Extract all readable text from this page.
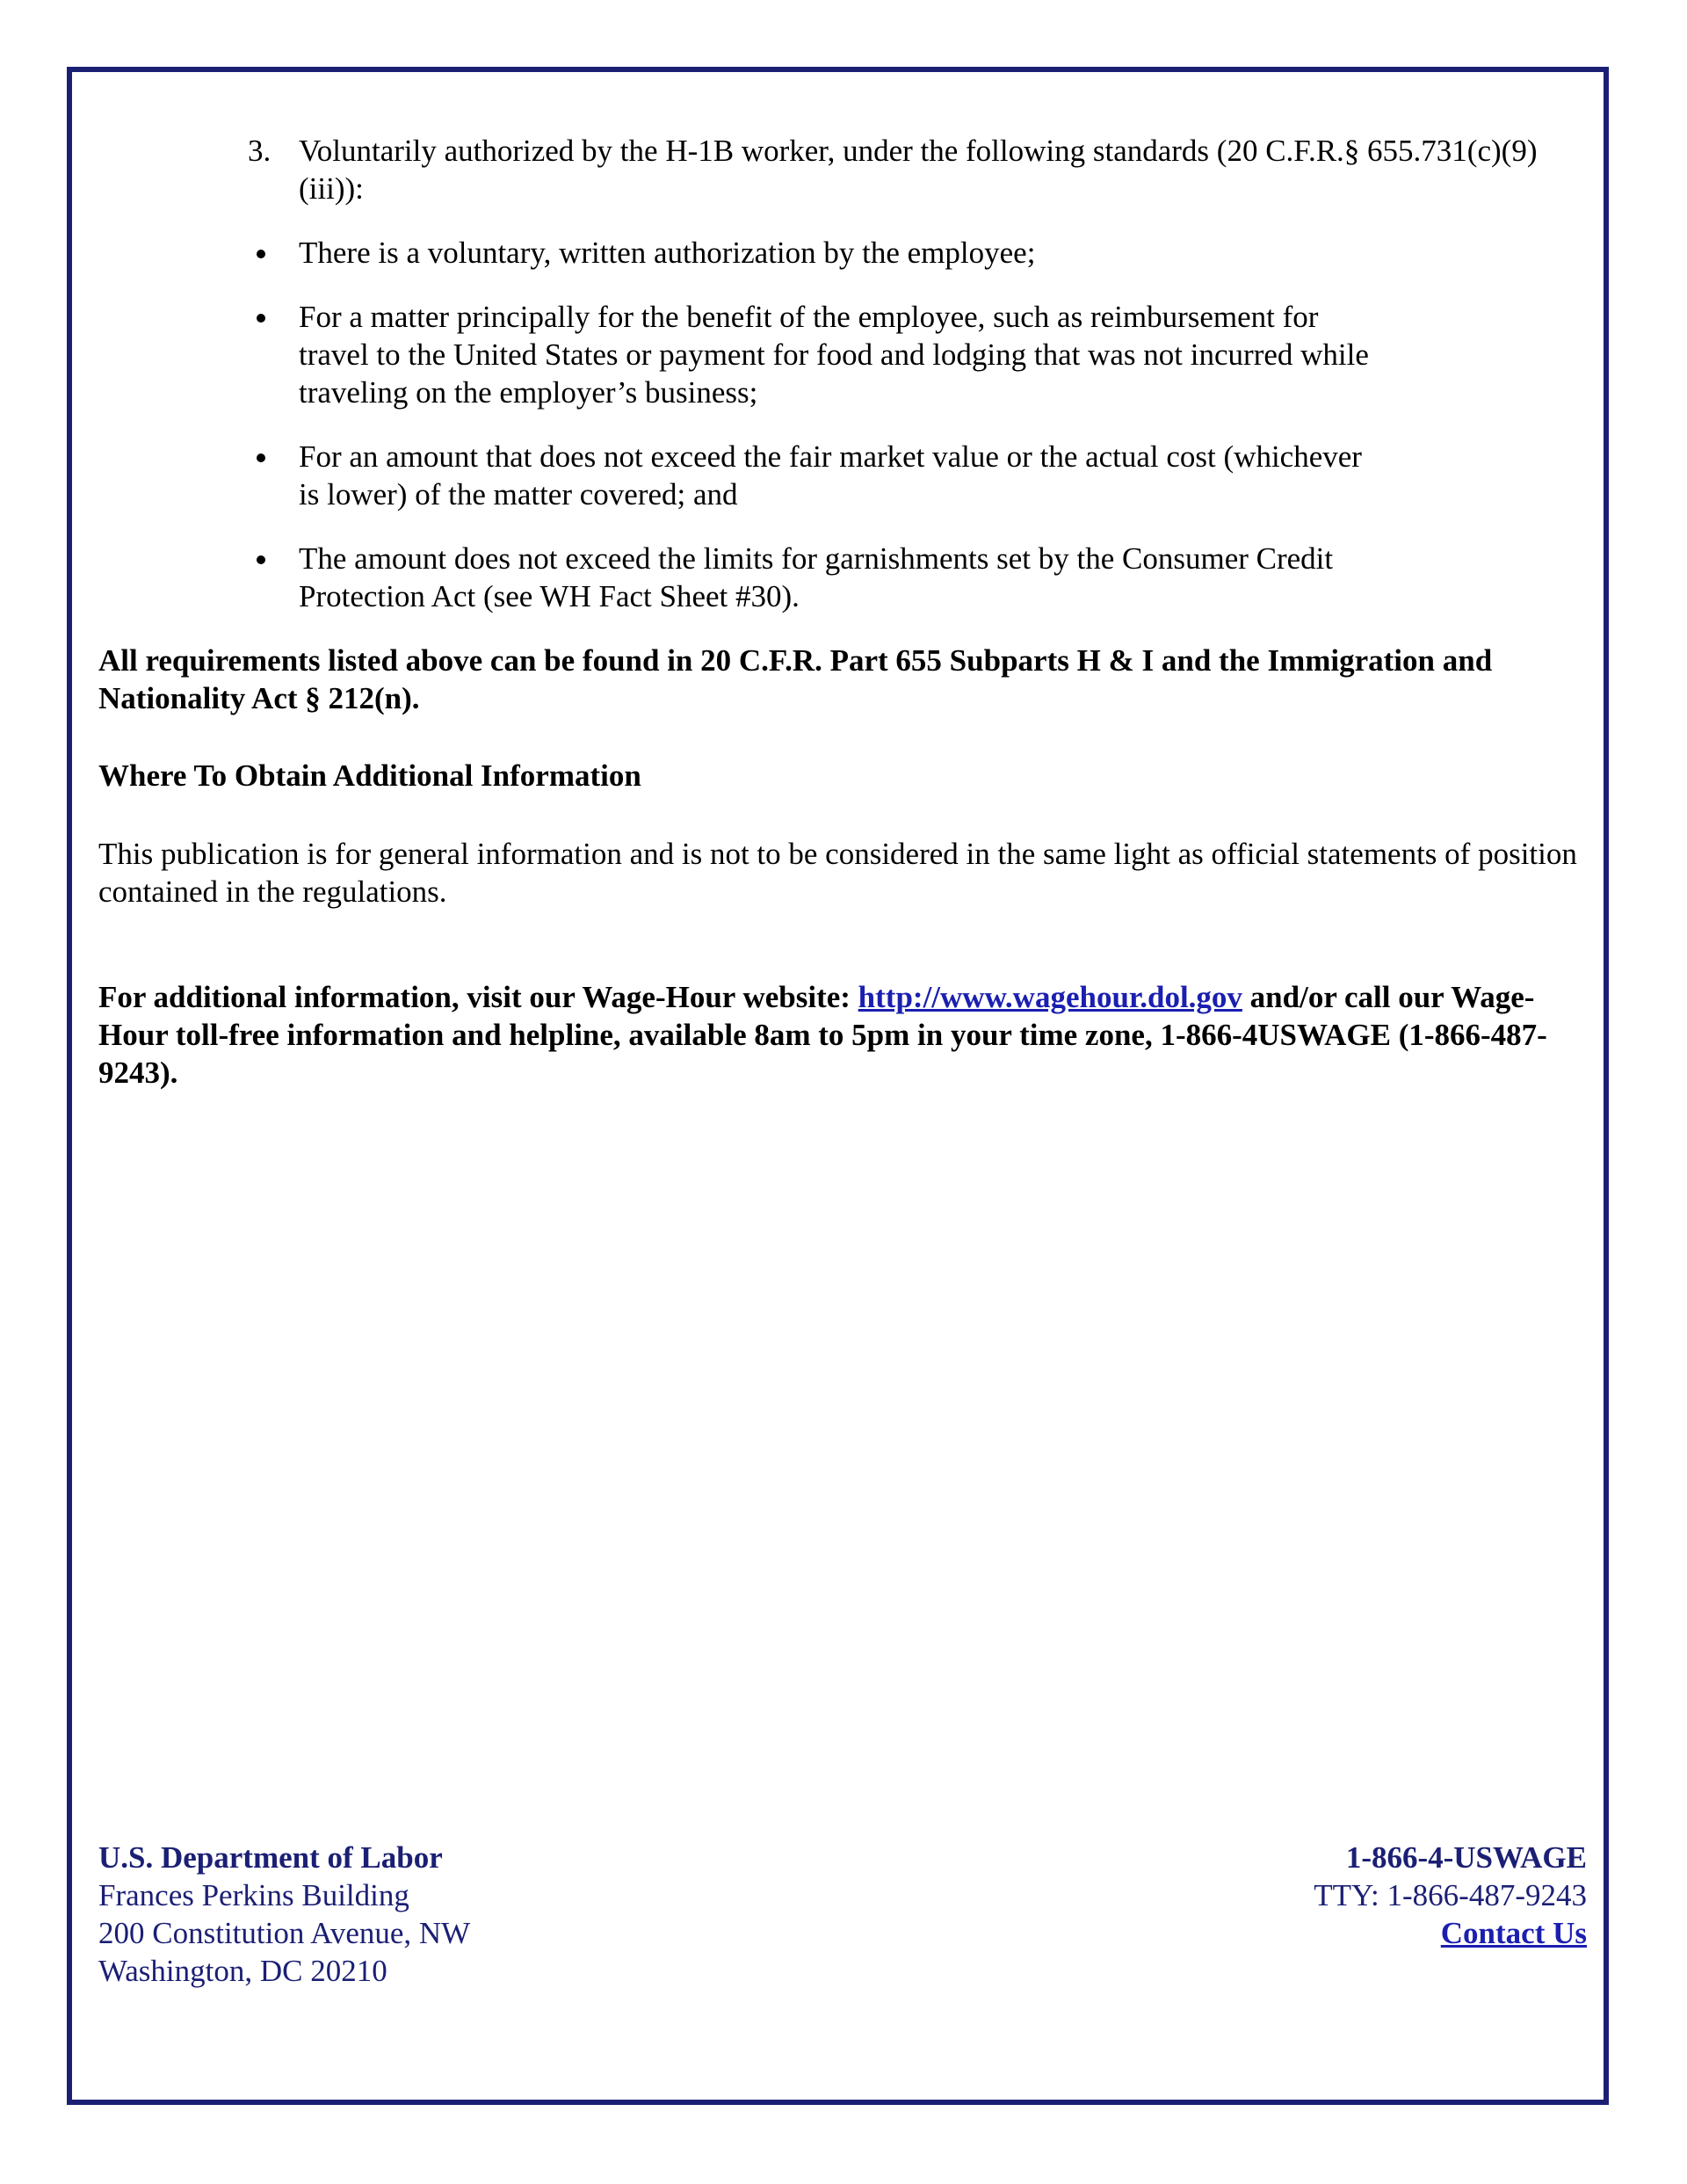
3. Voluntarily authorized by the H-1B worker, under the following standards (20 C.F.R.§ 655.731(c)(9)(iii)):
There is a voluntary, written authorization by the employee;
For a matter principally for the benefit of the employee, such as reimbursement for travel to the United States or payment for food and lodging that was not incurred while traveling on the employer’s business;
For an amount that does not exceed the fair market value or the actual cost (whichever is lower) of the matter covered; and
The amount does not exceed the limits for garnishments set by the Consumer Credit Protection Act (see WH Fact Sheet #30).

All requirements listed above can be found in 20 C.F.R. Part 655 Subparts H & I and the Immigration and Nationality Act § 212(n).

Where To Obtain Additional Information

This publication is for general information and is not to be considered in the same light as official statements of position contained in the regulations.

For additional information, visit our Wage-Hour website: http://www.wagehour.dol.gov and/or call our Wage-Hour toll-free information and helpline, available 8am to 5pm in your time zone, 1-866-4USWAGE (1-866-487-9243).

U.S. Department of Labor
Frances Perkins Building
200 Constitution Avenue, NW
Washington, DC 20210
1-866-4-USWAGE
TTY: 1-866-487-9243
Contact Us
